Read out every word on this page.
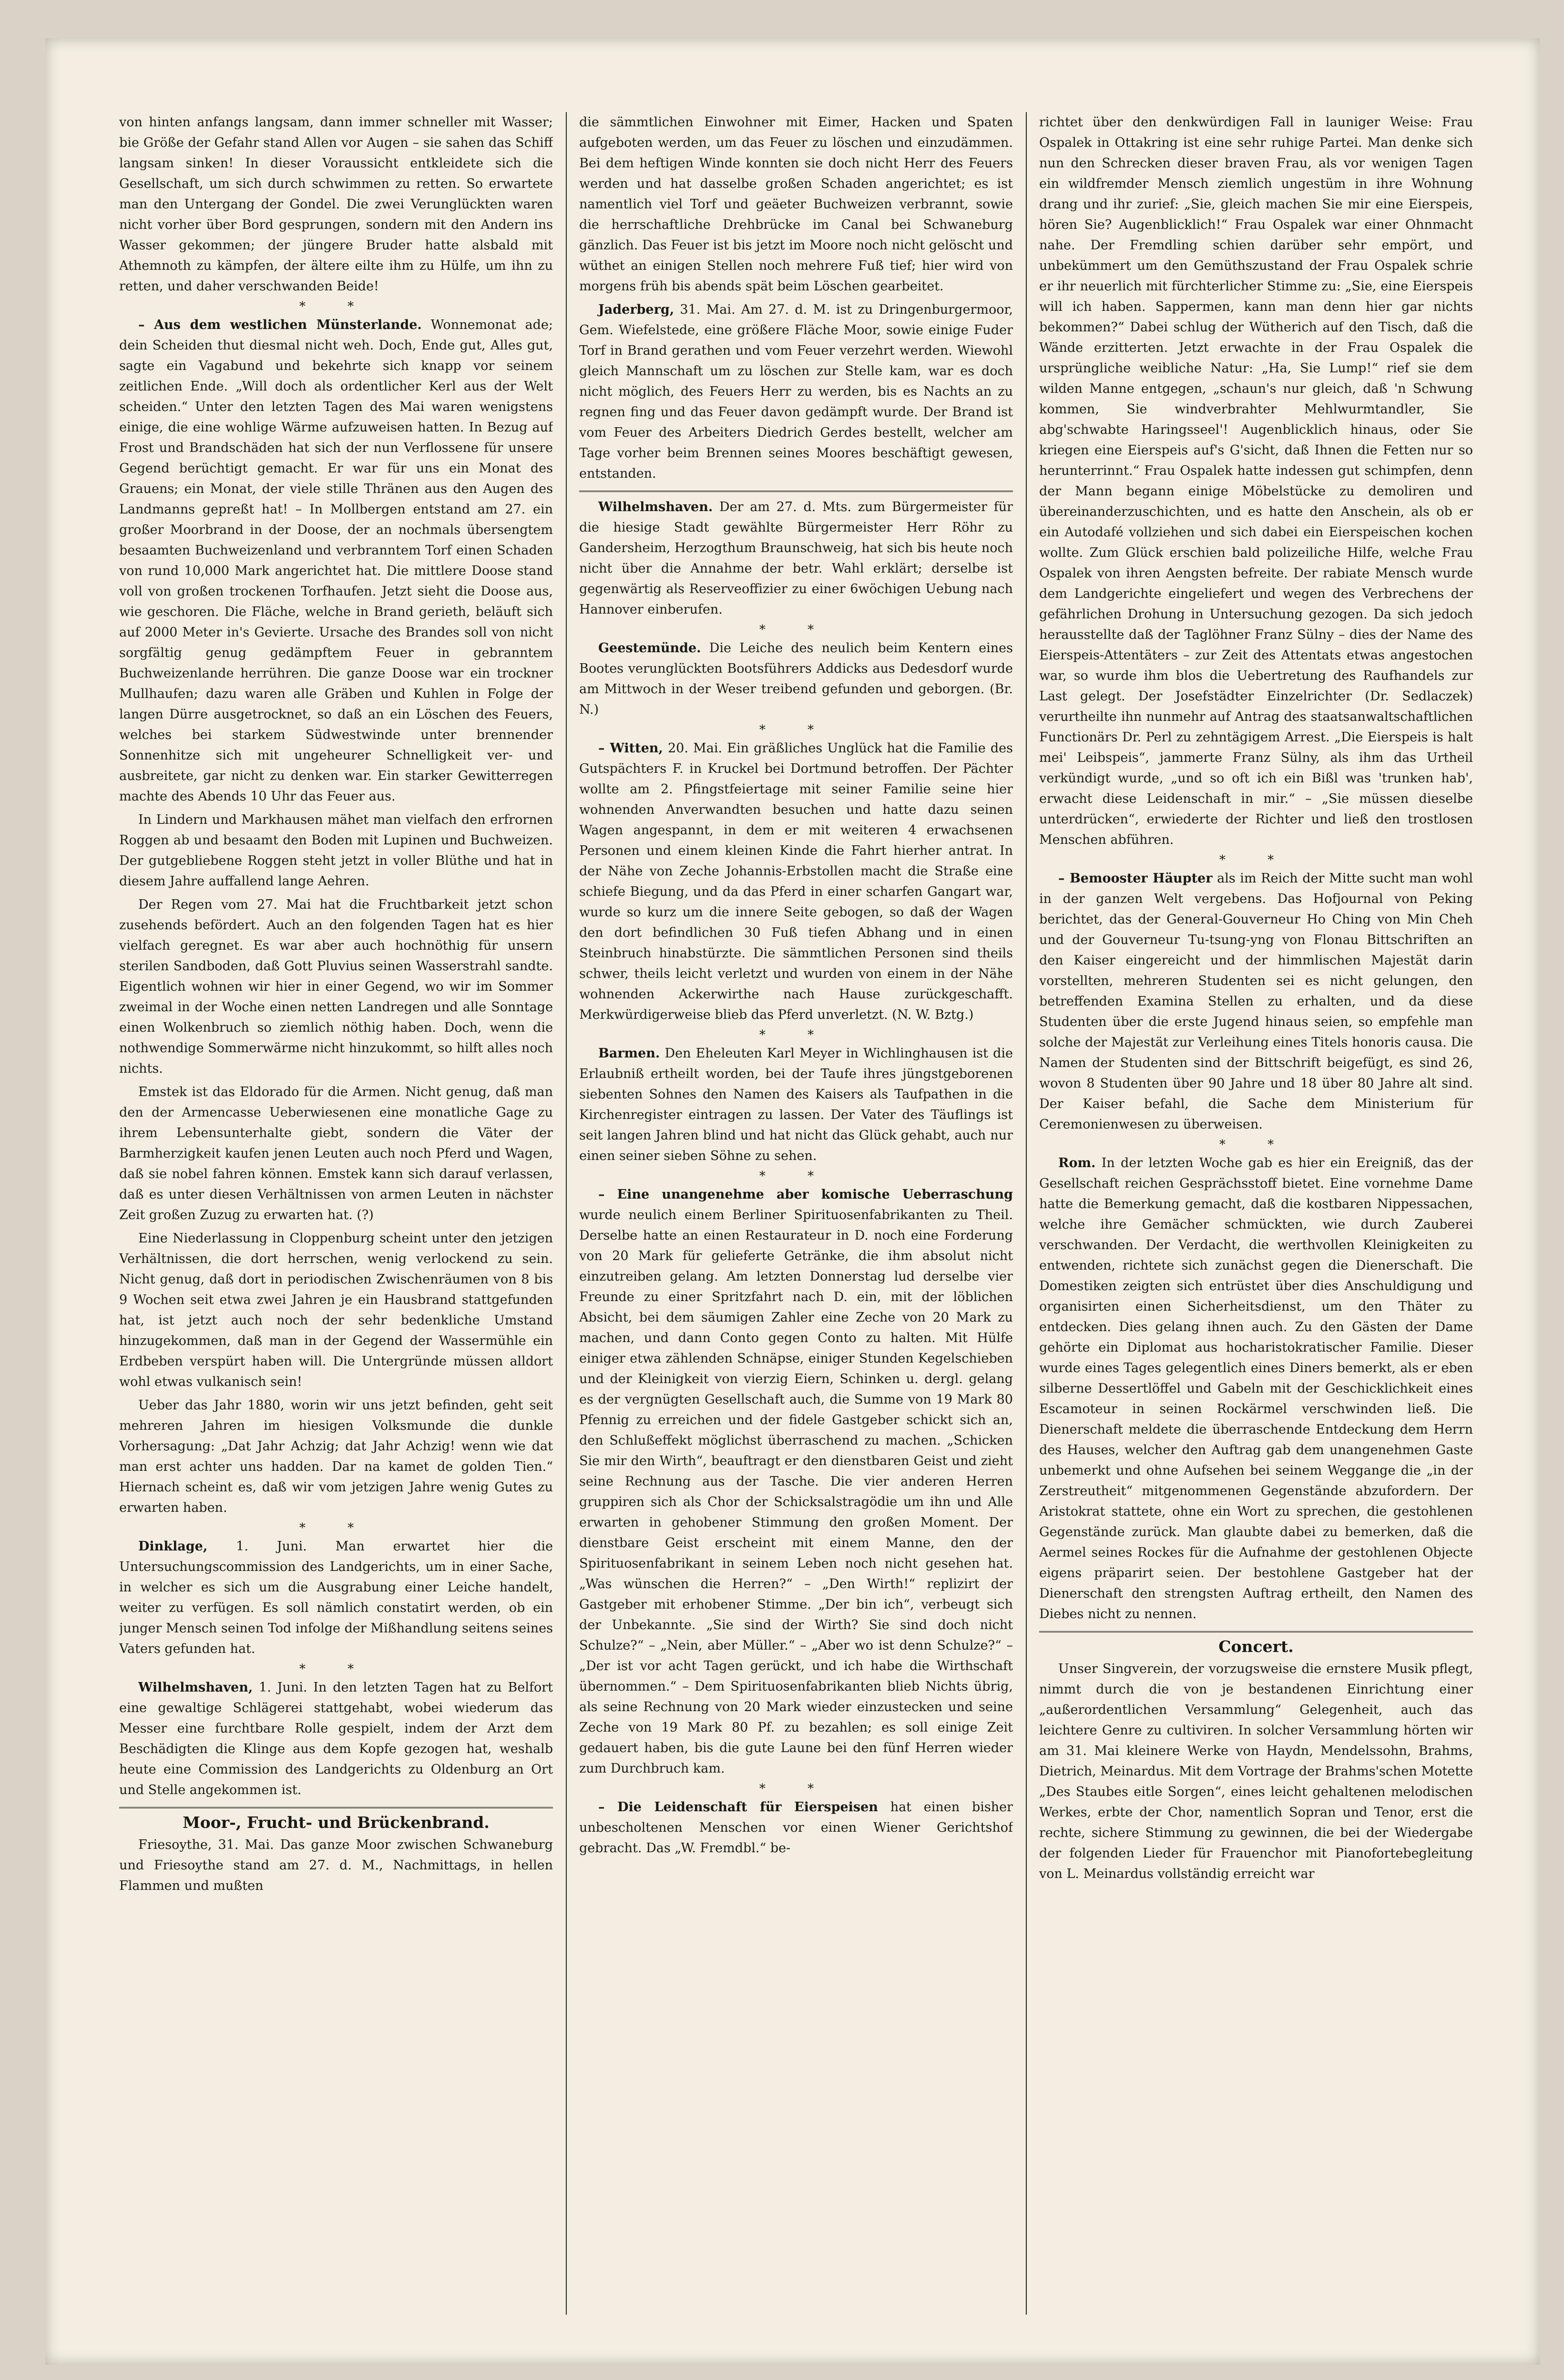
von hinten anfangs langsam, dann immer schneller mit Wasser; bie Größe der Gefahr stand Allen vor Augen – sie sahen das Schiff langsam sinken! In dieser Voraussicht entkleidete sich die Gesellschaft, um sich durch schwimmen zu retten. So erwartete man den Untergang der Gondel. Die zwei Verunglückten waren nicht vorher über Bord gesprungen, sondern mit den Andern ins Wasser gekommen; der jüngere Bruder hatte alsbald mit Athemnoth zu kämpfen, der ältere eilte ihm zu Hülfe, um ihn zu retten, und daher verschwanden Beide!

* *

– Aus dem westlichen Münsterlande. Wonnemonat ade; dein Scheiden thut diesmal nicht weh. Doch, Ende gut, Alles gut, sagte ein Vagabund und bekehrte sich knapp vor seinem zeitlichen Ende. „Will doch als ordentlicher Kerl aus der Welt scheiden.“ Unter den letzten Tagen des Mai waren wenigstens einige, die eine wohlige Wärme aufzuweisen hatten. In Bezug auf Frost und Brandschäden hat sich der nun Verflossene für unsere Gegend berüchtigt gemacht. Er war für uns ein Monat des Grauens; ein Monat, der viele stille Thränen aus den Augen des Landmanns gepreßt hat! – In Mollbergen entstand am 27. ein großer Moorbrand in der Doose, der an nochmals übersengtem besaamten Buchweizenland und verbranntem Torf einen Schaden von rund 10,000 Mark angerichtet hat. Die mittlere Doose stand voll von großen trockenen Torfhaufen. Jetzt sieht die Doose aus, wie geschoren. Die Fläche, welche in Brand gerieth, beläuft sich auf 2000 Meter in's Gevierte. Ursache des Brandes soll von nicht sorgfältig genug gedämpftem Feuer in gebranntem Buchweizenlande herrühren. Die ganze Doose war ein trockner Mullhaufen; dazu waren alle Gräben und Kuhlen in Folge der langen Dürre ausgetrocknet, so daß an ein Löschen des Feuers, welches bei starkem Südwestwinde unter brennender Sonnenhitze sich mit ungeheurer Schnelligkeit ver- und ausbreitete, gar nicht zu denken war. Ein starker Gewitterregen machte des Abends 10 Uhr das Feuer aus.

In Lindern und Markhausen mähet man vielfach den erfrornen Roggen ab und besaamt den Boden mit Lupinen und Buchweizen. Der gutgebliebene Roggen steht jetzt in voller Blüthe und hat in diesem Jahre auffallend lange Aehren.

Der Regen vom 27. Mai hat die Fruchtbarkeit jetzt schon zusehends befördert. Auch an den folgenden Tagen hat es hier vielfach geregnet. Es war aber auch hochnöthig für unsern sterilen Sandboden, daß Gott Pluvius seinen Wasserstrahl sandte. Eigentlich wohnen wir hier in einer Gegend, wo wir im Sommer zweimal in der Woche einen netten Landregen und alle Sonntage einen Wolkenbruch so ziemlich nöthig haben. Doch, wenn die nothwendige Sommerwärme nicht hinzukommt, so hilft alles noch nichts.

Emstek ist das Eldorado für die Armen. Nicht genug, daß man den der Armencasse Ueberwiesenen eine monatliche Gage zu ihrem Lebensunterhalte giebt, sondern die Väter der Barmherzigkeit kaufen jenen Leuten auch noch Pferd und Wagen, daß sie nobel fahren können. Emstek kann sich darauf verlassen, daß es unter diesen Verhältnissen von armen Leuten in nächster Zeit großen Zuzug zu erwarten hat. (?)

Eine Niederlassung in Cloppenburg scheint unter den jetzigen Verhältnissen, die dort herrschen, wenig verlockend zu sein. Nicht genug, daß dort in periodischen Zwischenräumen von 8 bis 9 Wochen seit etwa zwei Jahren je ein Hausbrand stattgefunden hat, ist jetzt auch noch der sehr bedenkliche Umstand hinzugekommen, daß man in der Gegend der Wassermühle ein Erdbeben verspürt haben will. Die Untergründe müssen alldort wohl etwas vulkanisch sein!

Ueber das Jahr 1880, worin wir uns jetzt befinden, geht seit mehreren Jahren im hiesigen Volksmunde die dunkle Vorhersagung: „Dat Jahr Achzig; dat Jahr Achzig! wenn wie dat man erst achter uns hadden. Dar na kamet de golden Tien.“ Hiernach scheint es, daß wir vom jetzigen Jahre wenig Gutes zu erwarten haben.

* *

Dinklage, 1. Juni. Man erwartet hier die Untersuchungscommission des Landgerichts, um in einer Sache, in welcher es sich um die Ausgrabung einer Leiche handelt, weiter zu verfügen. Es soll nämlich constatirt werden, ob ein junger Mensch seinen Tod infolge der Mißhandlung seitens seines Vaters gefunden hat.

* *

Wilhelmshaven, 1. Juni. In den letzten Tagen hat zu Belfort eine gewaltige Schlägerei stattgehabt, wobei wiederum das Messer eine furchtbare Rolle gespielt, indem der Arzt dem Beschädigten die Klinge aus dem Kopfe gezogen hat, weshalb heute eine Commission des Landgerichts zu Oldenburg an Ort und Stelle angekommen ist.

Moor-, Frucht- und Brückenbrand.

Friesoythe, 31. Mai. Das ganze Moor zwischen Schwaneburg und Friesoythe stand am 27. d. M., Nachmittags, in hellen Flammen und mußten

die sämmtlichen Einwohner mit Eimer, Hacken und Spaten aufgeboten werden, um das Feuer zu löschen und einzudämmen. Bei dem heftigen Winde konnten sie doch nicht Herr des Feuers werden und hat dasselbe großen Schaden angerichtet; es ist namentlich viel Torf und geäeter Buchweizen verbrannt, sowie die herrschaftliche Drehbrücke im Canal bei Schwaneburg gänzlich. Das Feuer ist bis jetzt im Moore noch nicht gelöscht und wüthet an einigen Stellen noch mehrere Fuß tief; hier wird von morgens früh bis abends spät beim Löschen gearbeitet.

Jaderberg, 31. Mai. Am 27. d. M. ist zu Dringenburgermoor, Gem. Wiefelstede, eine größere Fläche Moor, sowie einige Fuder Torf in Brand gerathen und vom Feuer verzehrt werden. Wiewohl gleich Mannschaft um zu löschen zur Stelle kam, war es doch nicht möglich, des Feuers Herr zu werden, bis es Nachts an zu regnen fing und das Feuer davon gedämpft wurde. Der Brand ist vom Feuer des Arbeiters Diedrich Gerdes bestellt, welcher am Tage vorher beim Brennen seines Moores beschäftigt gewesen, entstanden.

Wilhelmshaven. Der am 27. d. Mts. zum Bürgermeister für die hiesige Stadt gewählte Bürgermeister Herr Röhr zu Gandersheim, Herzogthum Braunschweig, hat sich bis heute noch nicht über die Annahme der betr. Wahl erklärt; derselbe ist gegenwärtig als Reserveoffizier zu einer 6wöchigen Uebung nach Hannover einberufen.

* *

Geestemünde. Die Leiche des neulich beim Kentern eines Bootes verunglückten Bootsführers Addicks aus Dedesdorf wurde am Mittwoch in der Weser treibend gefunden und geborgen. (Br. N.)

* *

– Witten, 20. Mai. Ein gräßliches Unglück hat die Familie des Gutspächters F. in Kruckel bei Dortmund betroffen. Der Pächter wollte am 2. Pfingstfeiertage mit seiner Familie seine hier wohnenden Anverwandten besuchen und hatte dazu seinen Wagen angespannt, in dem er mit weiteren 4 erwachsenen Personen und einem kleinen Kinde die Fahrt hierher antrat. In der Nähe von Zeche Johannis-Erbstollen macht die Straße eine schiefe Biegung, und da das Pferd in einer scharfen Gangart war, wurde so kurz um die innere Seite gebogen, so daß der Wagen den dort befindlichen 30 Fuß tiefen Abhang und in einen Steinbruch hinabstürzte. Die sämmtlichen Personen sind theils schwer, theils leicht verletzt und wurden von einem in der Nähe wohnenden Ackerwirthe nach Hause zurückgeschafft. Merkwürdigerweise blieb das Pferd unverletzt. (N. W. Bztg.)

* *

Barmen. Den Eheleuten Karl Meyer in Wichlinghausen ist die Erlaubniß ertheilt worden, bei der Taufe ihres jüngstgeborenen siebenten Sohnes den Namen des Kaisers als Taufpathen in die Kirchenregister eintragen zu lassen. Der Vater des Täuflings ist seit langen Jahren blind und hat nicht das Glück gehabt, auch nur einen seiner sieben Söhne zu sehen.

* *

– Eine unangenehme aber komische Ueberraschung wurde neulich einem Berliner Spirituosenfabrikanten zu Theil. Derselbe hatte an einen Restaurateur in D. noch eine Forderung von 20 Mark für gelieferte Getränke, die ihm absolut nicht einzutreiben gelang. Am letzten Donnerstag lud derselbe vier Freunde zu einer Spritzfahrt nach D. ein, mit der löblichen Absicht, bei dem säumigen Zahler eine Zeche von 20 Mark zu machen, und dann Conto gegen Conto zu halten. Mit Hülfe einiger etwa zählenden Schnäpse, einiger Stunden Kegelschieben und der Kleinigkeit von vierzig Eiern, Schinken u. dergl. gelang es der vergnügten Gesellschaft auch, die Summe von 19 Mark 80 Pfennig zu erreichen und der fidele Gastgeber schickt sich an, den Schlußeffekt möglichst überraschend zu machen. „Schicken Sie mir den Wirth“, beauftragt er den dienstbaren Geist und zieht seine Rechnung aus der Tasche. Die vier anderen Herren gruppiren sich als Chor der Schicksalstragödie um ihn und Alle erwarten in gehobener Stimmung den großen Moment. Der dienstbare Geist erscheint mit einem Manne, den der Spirituosenfabrikant in seinem Leben noch nicht gesehen hat. „Was wünschen die Herren?“ – „Den Wirth!“ replizirt der Gastgeber mit erhobener Stimme. „Der bin ich“, verbeugt sich der Unbekannte. „Sie sind der Wirth? Sie sind doch nicht Schulze?“ – „Nein, aber Müller.“ – „Aber wo ist denn Schulze?“ – „Der ist vor acht Tagen gerückt, und ich habe die Wirthschaft übernommen.“ – Dem Spirituosenfabrikanten blieb Nichts übrig, als seine Rechnung von 20 Mark wieder einzustecken und seine Zeche von 19 Mark 80 Pf. zu bezahlen; es soll einige Zeit gedauert haben, bis die gute Laune bei den fünf Herren wieder zum Durchbruch kam.

* *

– Die Leidenschaft für Eierspeisen hat einen bisher unbescholtenen Menschen vor einen Wiener Gerichtshof gebracht. Das „W. Fremdbl.“ be-

richtet über den denkwürdigen Fall in launiger Weise: Frau Ospalek in Ottakring ist eine sehr ruhige Partei. Man denke sich nun den Schrecken dieser braven Frau, als vor wenigen Tagen ein wildfremder Mensch ziemlich ungestüm in ihre Wohnung drang und ihr zurief: „Sie, gleich machen Sie mir eine Eierspeis, hören Sie? Augenblicklich!“ Frau Ospalek war einer Ohnmacht nahe. Der Fremdling schien darüber sehr empört, und unbekümmert um den Gemüthszustand der Frau Ospalek schrie er ihr neuerlich mit fürchterlicher Stimme zu: „Sie, eine Eierspeis will ich haben. Sappermen, kann man denn hier gar nichts bekommen?“ Dabei schlug der Wütherich auf den Tisch, daß die Wände erzitterten. Jetzt erwachte in der Frau Ospalek die ursprüngliche weibliche Natur: „Ha, Sie Lump!“ rief sie dem wilden Manne entgegen, „schaun's nur gleich, daß 'n Schwung kommen, Sie windverbrahter Mehlwurmtandler, Sie abg'schwabte Haringsseel'! Augenblicklich hinaus, oder Sie kriegen eine Eierspeis auf's G'sicht, daß Ihnen die Fetten nur so herunterrinnt.“ Frau Ospalek hatte indessen gut schimpfen, denn der Mann begann einige Möbelstücke zu demoliren und übereinanderzuschichten, und es hatte den Anschein, als ob er ein Autodafé vollziehen und sich dabei ein Eierspeischen kochen wollte. Zum Glück erschien bald polizeiliche Hilfe, welche Frau Ospalek von ihren Aengsten befreite. Der rabiate Mensch wurde dem Landgerichte eingeliefert und wegen des Verbrechens der gefährlichen Drohung in Untersuchung gezogen. Da sich jedoch herausstellte daß der Taglöhner Franz Sülny – dies der Name des Eierspeis-Attentäters – zur Zeit des Attentats etwas angestochen war, so wurde ihm blos die Uebertretung des Raufhandels zur Last gelegt. Der Josefstädter Einzelrichter (Dr. Sedlaczek) verurtheilte ihn nunmehr auf Antrag des staatsanwaltschaftlichen Functionärs Dr. Perl zu zehntägigem Arrest. „Die Eierspeis is halt mei' Leibspeis“, jammerte Franz Sülny, als ihm das Urtheil verkündigt wurde, „und so oft ich ein Bißl was 'trunken hab', erwacht diese Leidenschaft in mir.“ – „Sie müssen dieselbe unterdrücken“, erwiederte der Richter und ließ den trostlosen Menschen abführen.

* *

– Bemooster Häupter als im Reich der Mitte sucht man wohl in der ganzen Welt vergebens. Das Hofjournal von Peking berichtet, das der General-Gouverneur Ho Ching von Min Cheh und der Gouverneur Tu-tsung-yng von Flonau Bittschriften an den Kaiser eingereicht und der himmlischen Majestät darin vorstellten, mehreren Studenten sei es nicht gelungen, den betreffenden Examina Stellen zu erhalten, und da diese Studenten über die erste Jugend hinaus seien, so empfehle man solche der Majestät zur Verleihung eines Titels honoris causa. Die Namen der Studenten sind der Bittschrift beigefügt, es sind 26, wovon 8 Studenten über 90 Jahre und 18 über 80 Jahre alt sind. Der Kaiser befahl, die Sache dem Ministerium für Ceremonienwesen zu überweisen.

* *

Rom. In der letzten Woche gab es hier ein Ereigniß, das der Gesellschaft reichen Gesprächsstoff bietet. Eine vornehme Dame hatte die Bemerkung gemacht, daß die kostbaren Nippessachen, welche ihre Gemächer schmückten, wie durch Zauberei verschwanden. Der Verdacht, die werthvollen Kleinigkeiten zu entwenden, richtete sich zunächst gegen die Dienerschaft. Die Domestiken zeigten sich entrüstet über dies Anschuldigung und organisirten einen Sicherheitsdienst, um den Thäter zu entdecken. Dies gelang ihnen auch. Zu den Gästen der Dame gehörte ein Diplomat aus hocharistokratischer Familie. Dieser wurde eines Tages gelegentlich eines Diners bemerkt, als er eben silberne Dessertlöffel und Gabeln mit der Geschicklichkeit eines Escamoteur in seinen Rockärmel verschwinden ließ. Die Dienerschaft meldete die überraschende Entdeckung dem Herrn des Hauses, welcher den Auftrag gab dem unangenehmen Gaste unbemerkt und ohne Aufsehen bei seinem Weggange die „in der Zerstreutheit“ mitgenommenen Gegenstände abzufordern. Der Aristokrat stattete, ohne ein Wort zu sprechen, die gestohlenen Gegenstände zurück. Man glaubte dabei zu bemerken, daß die Aermel seines Rockes für die Aufnahme der gestohlenen Objecte eigens präparirt seien. Der bestohlene Gastgeber hat der Dienerschaft den strengsten Auftrag ertheilt, den Namen des Diebes nicht zu nennen.

Concert.

Unser Singverein, der vorzugsweise die ernstere Musik pflegt, nimmt durch die von je bestandenen Einrichtung einer „außerordentlichen Versammlung“ Gelegenheit, auch das leichtere Genre zu cultiviren. In solcher Versammlung hörten wir am 31. Mai kleinere Werke von Haydn, Mendelssohn, Brahms, Dietrich, Meinardus. Mit dem Vortrage der Brahms'schen Motette „Des Staubes eitle Sorgen“, eines leicht gehaltenen melodischen Werkes, erbte der Chor, namentlich Sopran und Tenor, erst die rechte, sichere Stimmung zu gewinnen, die bei der Wiedergabe der folgenden Lieder für Frauenchor mit Pianofortebegleitung von L. Meinardus vollständig erreicht war
